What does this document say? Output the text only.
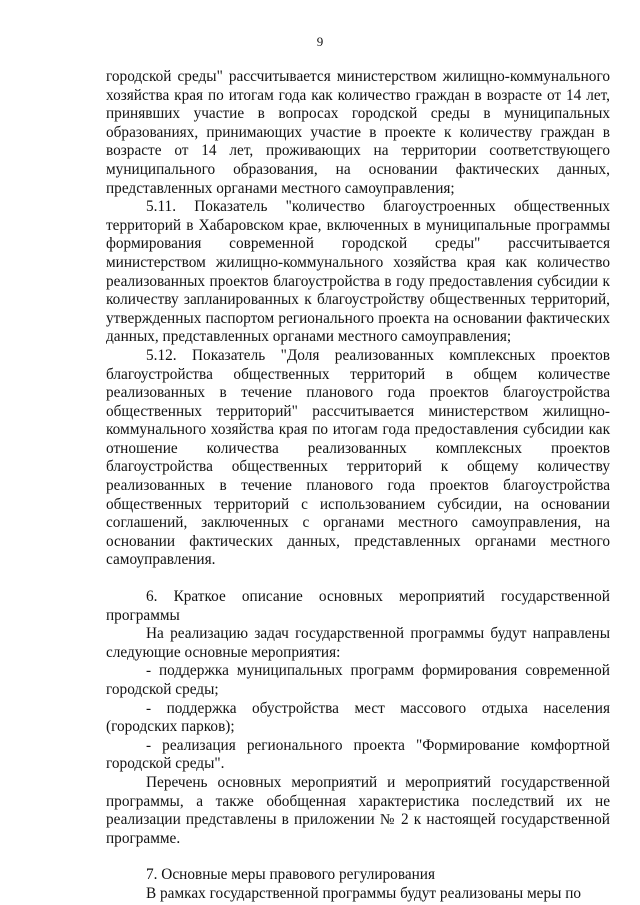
9

городской среды" рассчитывается министерством жилищно-коммунального хозяйства края по итогам года как количество граждан в возрасте от 14 лет, принявших участие в вопросах городской среды в муниципальных образованиях, принимающих участие в проекте к количеству граждан в возрасте от 14 лет, проживающих на территории соответствующего муниципального образования, на основании фактических данных, представленных органами местного самоуправления;

5.11. Показатель "количество благоустроенных общественных территорий в Хабаровском крае, включенных в муниципальные программы формирования современной городской среды" рассчитывается министерством жилищно-коммунального хозяйства края как количество реализованных проектов благоустройства в году предоставления субсидии к количеству запланированных к благоустройству общественных территорий, утвержденных паспортом регионального проекта на основании фактических данных, представленных органами местного самоуправления;

5.12. Показатель "Доля реализованных комплексных проектов благоустройства общественных территорий в общем количестве реализованных в течение планового года проектов благоустройства общественных территорий" рассчитывается министерством жилищно-коммунального хозяйства края по итогам года предоставления субсидии как отношение количества реализованных комплексных проектов благоустройства общественных территорий к общему количеству реализованных в течение планового года проектов благоустройства общественных территорий с использованием субсидии, на основании соглашений, заключенных с органами местного самоуправления, на основании фактических данных, представленных органами местного самоуправления.

6. Краткое описание основных мероприятий государственной программы

На реализацию задач государственной программы будут направлены следующие основные мероприятия:

- поддержка муниципальных программ формирования современной городской среды;

- поддержка обустройства мест массового отдыха населения (городских парков);

- реализация регионального проекта "Формирование комфортной городской среды".

Перечень основных мероприятий и мероприятий государственной программы, а также обобщенная характеристика последствий их не реализации представлены в приложении № 2 к настоящей государственной программе.

7. Основные меры правового регулирования

В рамках государственной программы будут реализованы меры по
